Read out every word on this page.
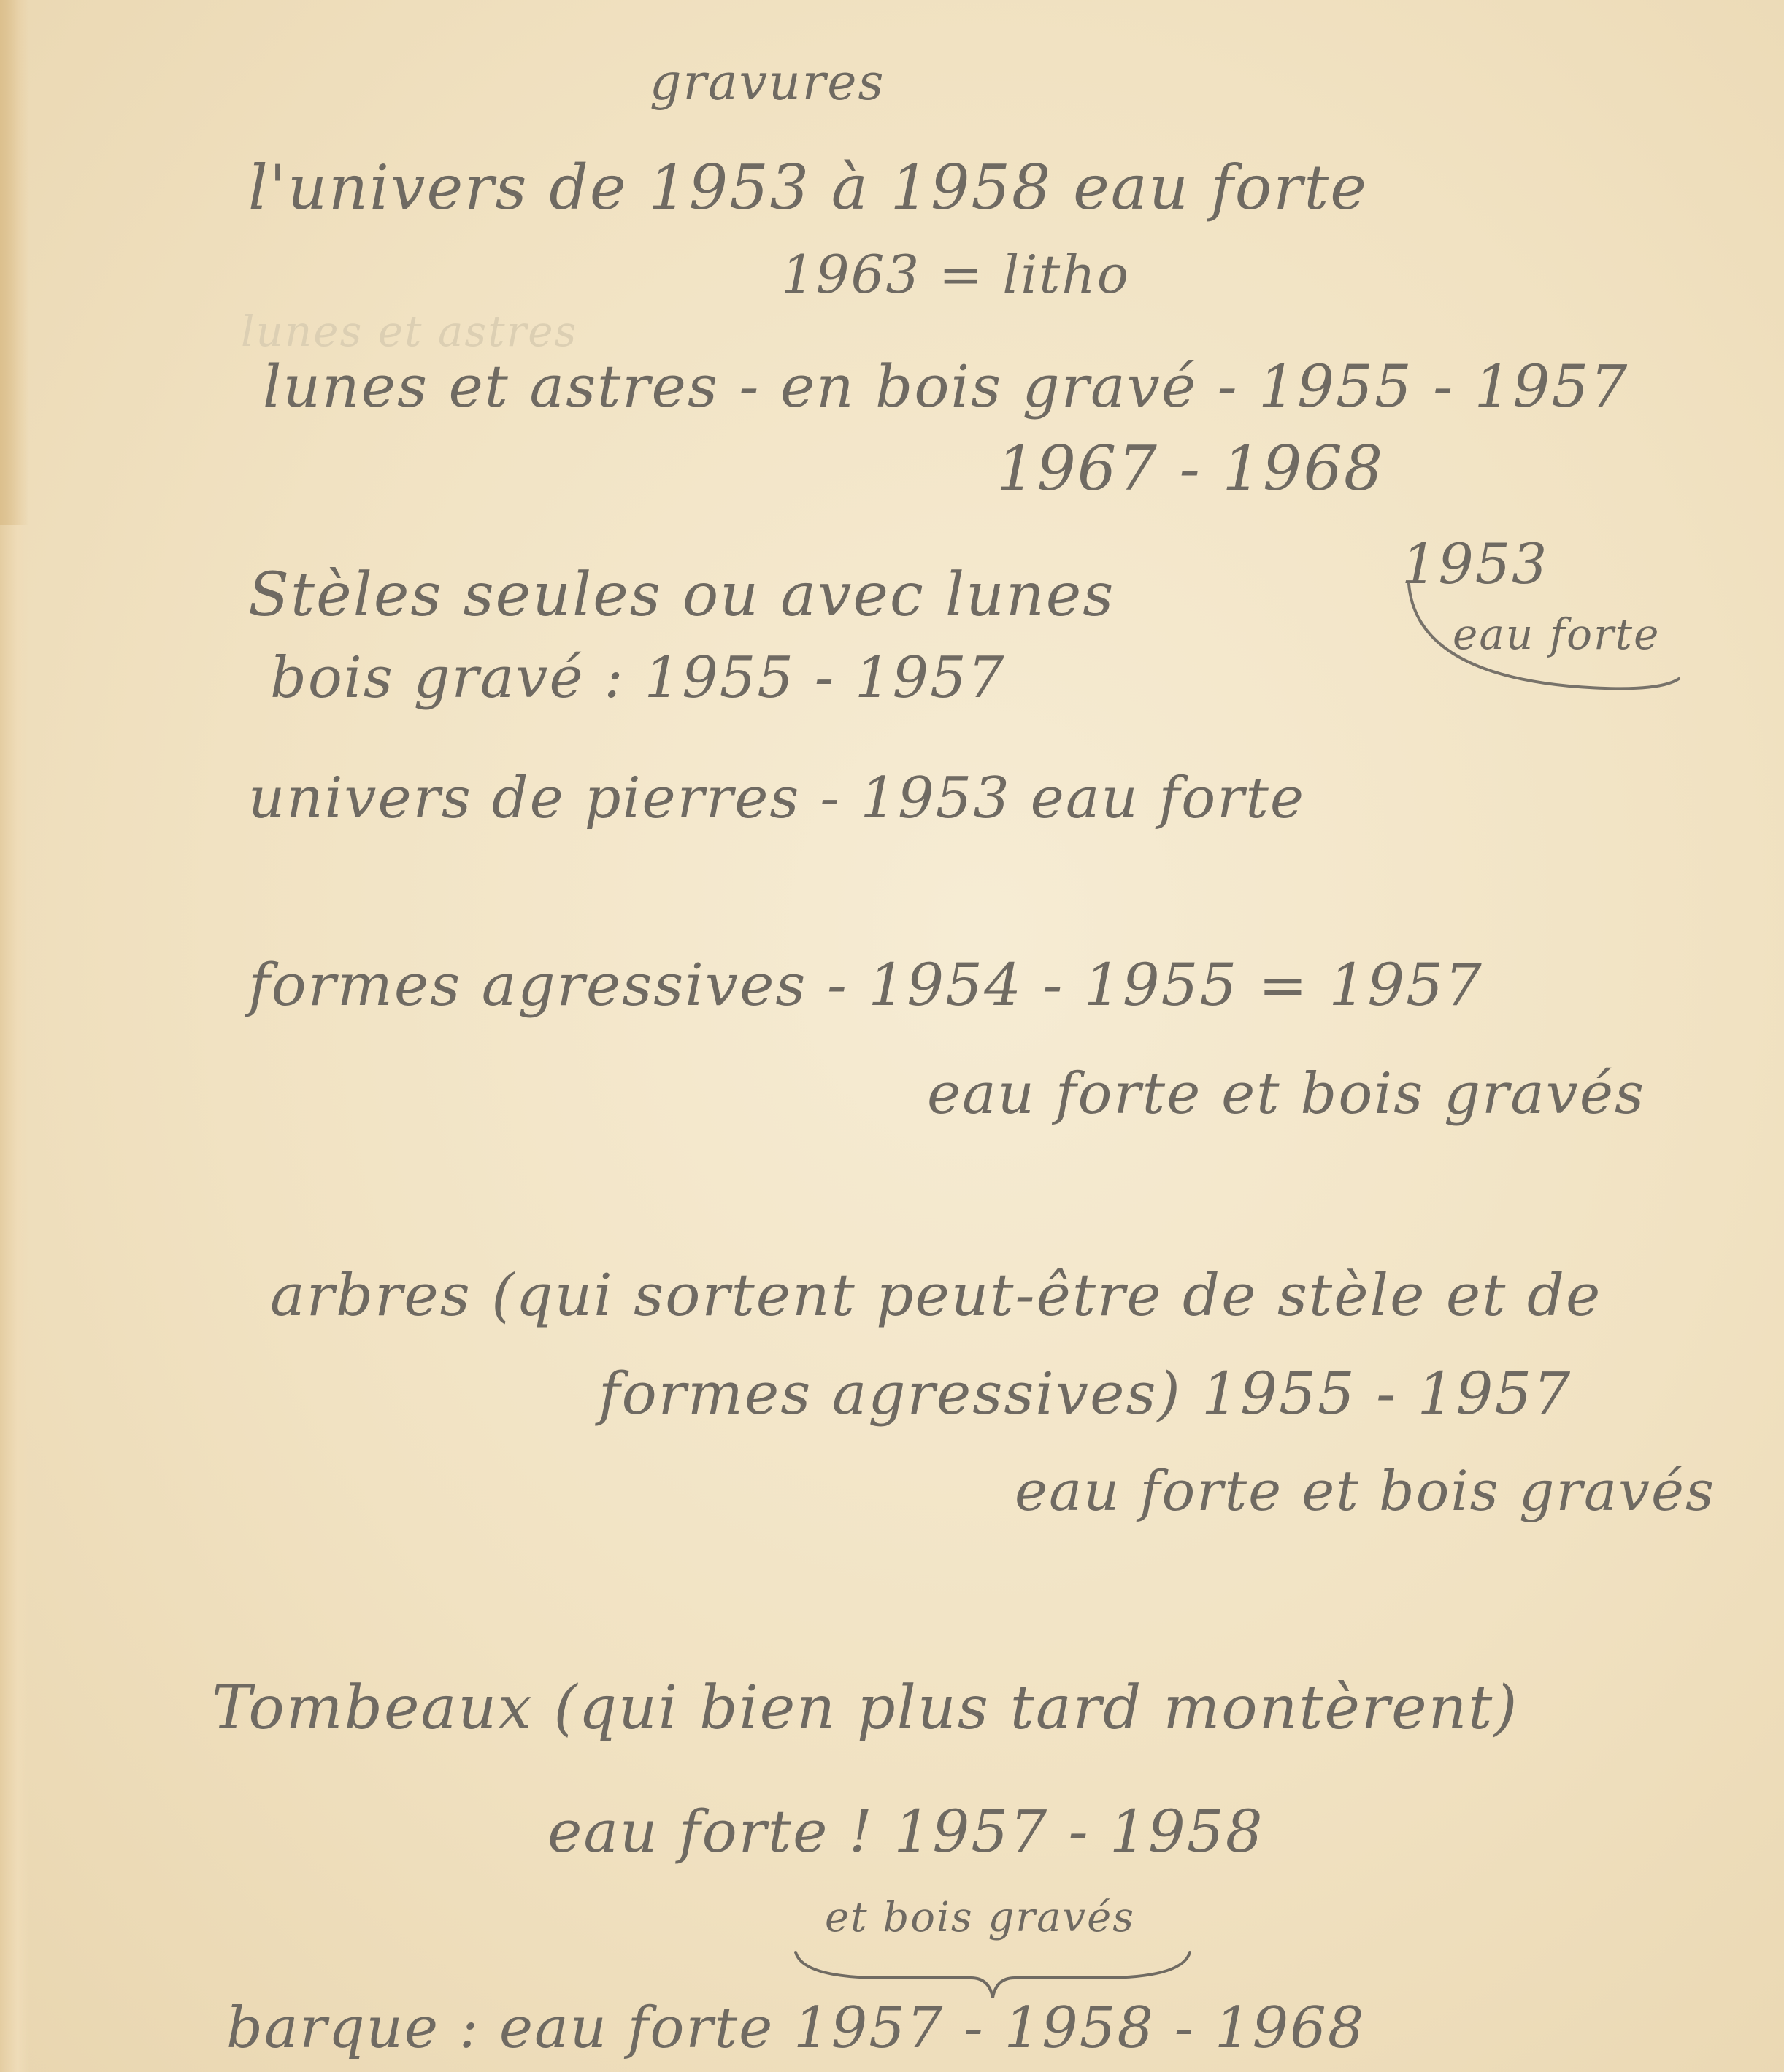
gravures
l'univers de 1953 à 1958 eau forte
1963 = litho
lunes et astres
lunes et astres - en bois gravé - 1955 - 1957
1967 - 1968
Stèles seules ou avec lunes	1953
eau forte
bois gravé : 1955 - 1957
univers de pierres - 1953 eau forte
formes agressives - 1954 - 1955 = 1957
eau forte et bois gravés
arbres (qui sortent peut-être de stèle et de
formes agressives) 1955 - 1957
eau forte et bois gravés
Tombeaux (qui bien plus tard montèrent)
eau forte ! 1957 - 1958
et bois gravés
barque : eau forte 1957 - 1958 - 1968
